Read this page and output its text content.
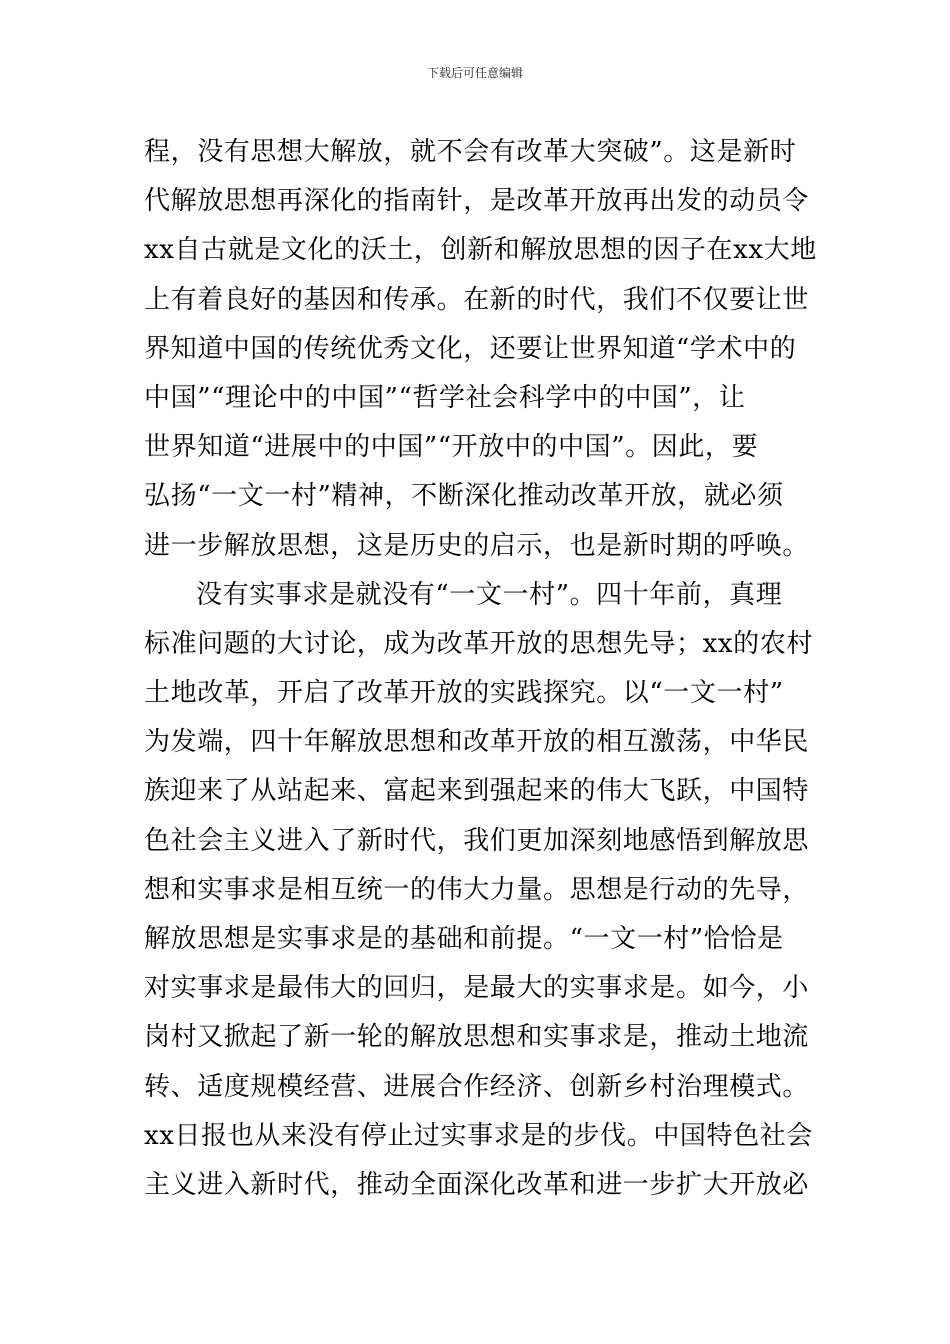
下载后可任意编辑
程，没有思想大解放，就不会有改革大突破”。这是新时
代解放思想再深化的指南针，是改革开放再出发的动员令
xx自古就是文化的沃土，创新和解放思想的因子在xx大地
上有着良好的基因和传承。在新的时代，我们不仅要让世
界知道中国的传统优秀文化，还要让世界知道“学术中的
中国”“理论中的中国”“哲学社会科学中的中国”，让
世界知道“进展中的中国”“开放中的中国”。因此，要
弘扬“一文一村”精神，不断深化推动改革开放，就必须
进一步解放思想，这是历史的启示，也是新时期的呼唤。
没有实事求是就没有“一文一村”。四十年前，真理
标准问题的大讨论，成为改革开放的思想先导；xx的农村
土地改革，开启了改革开放的实践探究。以“一文一村”
为发端，四十年解放思想和改革开放的相互激荡，中华民
族迎来了从站起来、富起来到强起来的伟大飞跃，中国特
色社会主义进入了新时代，我们更加深刻地感悟到解放思
想和实事求是相互统一的伟大力量。思想是行动的先导，
解放思想是实事求是的基础和前提。“一文一村”恰恰是
对实事求是最伟大的回归，是最大的实事求是。如今，小
岗村又掀起了新一轮的解放思想和实事求是，推动土地流
转、适度规模经营、进展合作经济、创新乡村治理模式。
xx日报也从来没有停止过实事求是的步伐。中国特色社会
主义进入新时代，推动全面深化改革和进一步扩大开放必
